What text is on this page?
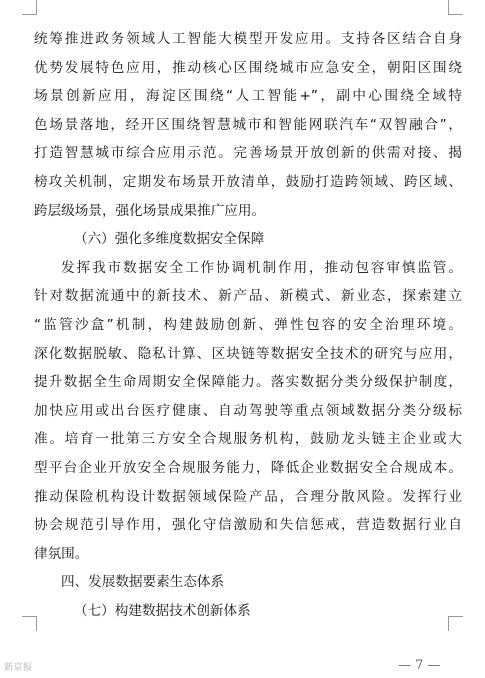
统筹推进政务领域人工智能大模型开发应用。支持各区结合自身
优势发展特色应用，推动核心区围绕城市应急安全，朝阳区围绕
场景创新应用，海淀区围绕“人工智能+”，副中心围绕全域特
色场景落地，经开区围绕智慧城市和智能网联汽车“双智融合”，
打造智慧城市综合应用示范。完善场景开放创新的供需对接、揭
榜攻关机制，定期发布场景开放清单，鼓励打造跨领域、跨区域、
跨层级场景，强化场景成果推广应用。
（六）强化多维度数据安全保障
发挥我市数据安全工作协调机制作用，推动包容审慎监管。
针对数据流通中的新技术、新产品、新模式、新业态，探索建立
“监管沙盒”机制，构建鼓励创新、弹性包容的安全治理环境。
深化数据脱敏、隐私计算、区块链等数据安全技术的研究与应用，
提升数据全生命周期安全保障能力。落实数据分类分级保护制度，
加快应用或出台医疗健康、自动驾驶等重点领域数据分类分级标
准。培育一批第三方安全合规服务机构，鼓励龙头链主企业或大
型平台企业开放安全合规服务能力，降低企业数据安全合规成本。
推动保险机构设计数据领域保险产品，合理分散风险。发挥行业
协会规范引导作用，强化守信激励和失信惩戒，营造数据行业自
律氛围。
四、发展数据要素生态体系
（七）构建数据技术创新体系
— 7 —
新京报
